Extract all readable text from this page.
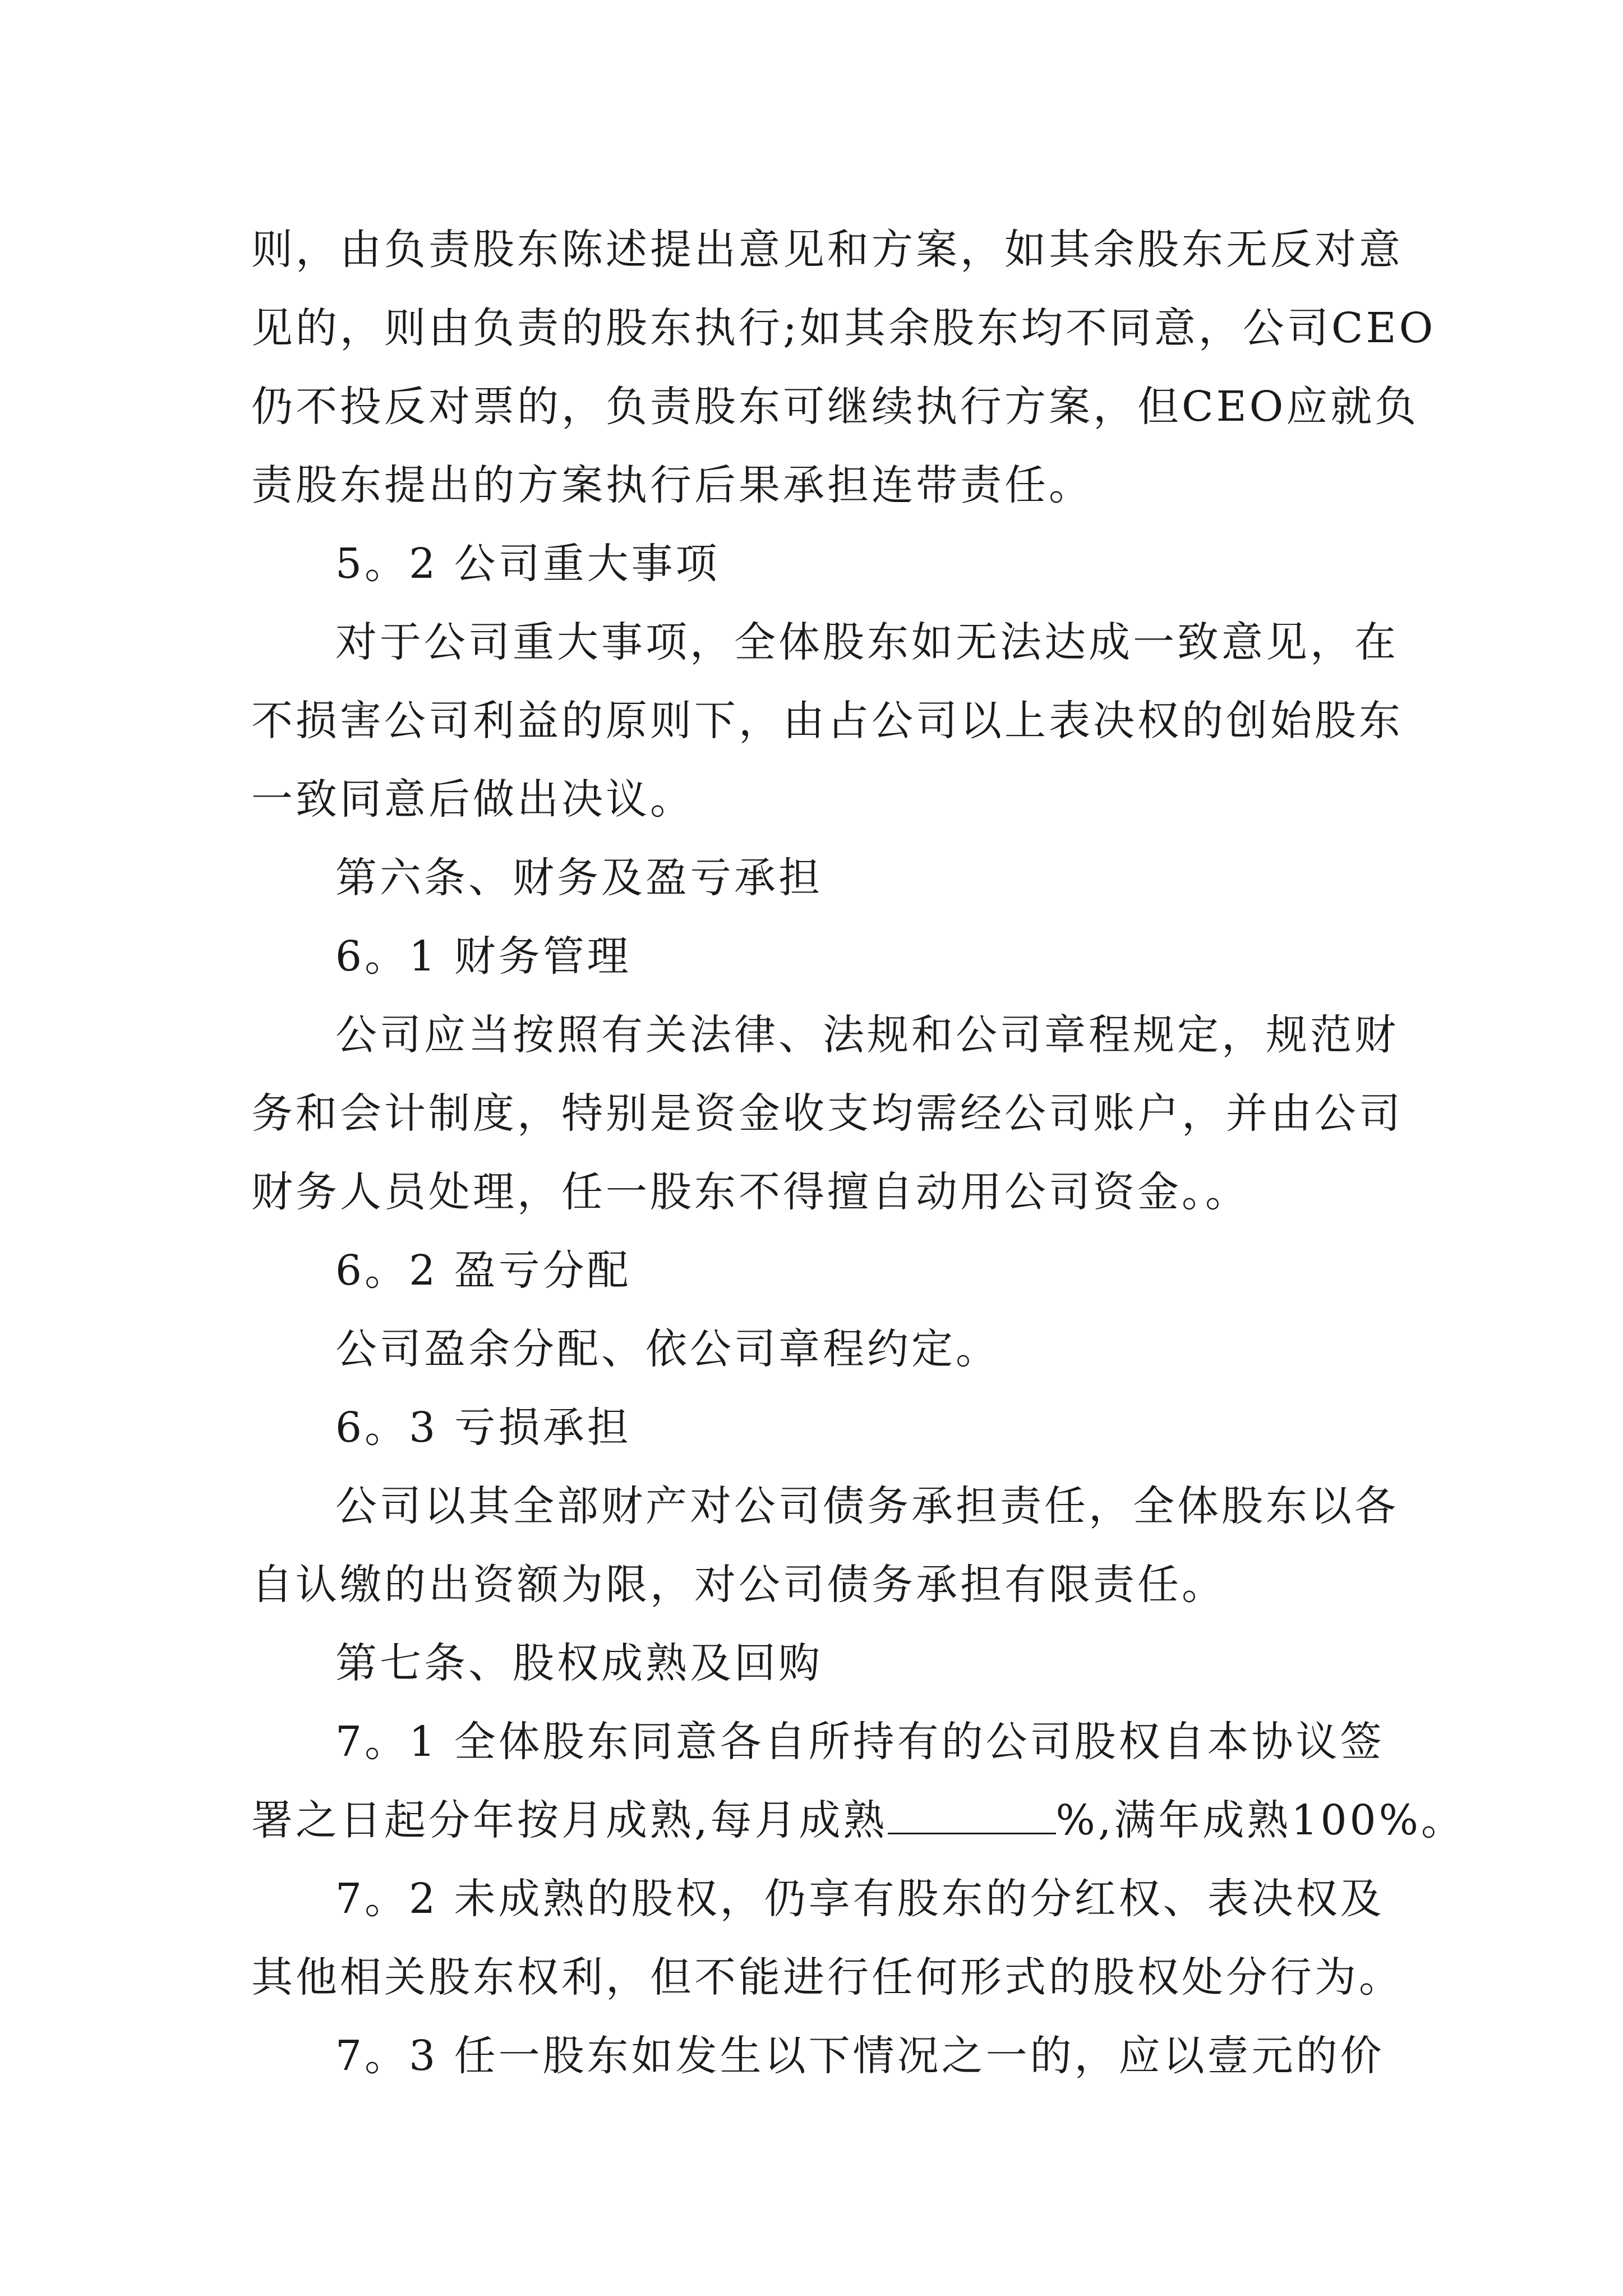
则，由负责股东陈述提出意见和方案，如其余股东无反对意
见的，则由负责的股东执行;如其余股东均不同意，公司CEO
仍不投反对票的，负责股东可继续执行方案，但CEO应就负
责股东提出的方案执行后果承担连带责任。
5。2 公司重大事项
对于公司重大事项，全体股东如无法达成一致意见，在
不损害公司利益的原则下，由占公司以上表决权的创始股东
一致同意后做出决议。
第六条、财务及盈亏承担
6。1 财务管理
公司应当按照有关法律、法规和公司章程规定，规范财
务和会计制度，特别是资金收支均需经公司账户，并由公司
财务人员处理，任一股东不得擅自动用公司资金。。
6。2 盈亏分配
公司盈余分配、依公司章程约定。
6。3 亏损承担
公司以其全部财产对公司债务承担责任，全体股东以各
自认缴的出资额为限，对公司债务承担有限责任。
第七条、股权成熟及回购
7。1 全体股东同意各自所持有的公司股权自本协议签
署之日起分年按月成熟,每月成熟	%,满年成熟100%。
7。2 未成熟的股权，仍享有股东的分红权、表决权及
其他相关股东权利，但不能进行任何形式的股权处分行为。
7。3 任一股东如发生以下情况之一的，应以壹元的价
